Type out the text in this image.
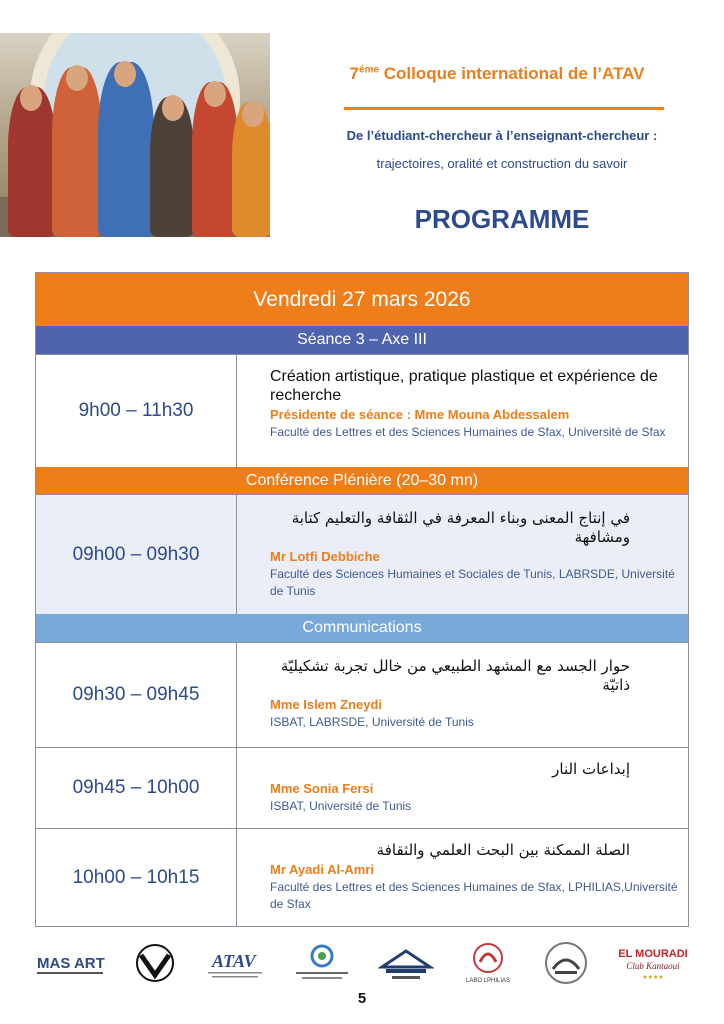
$7^{éme}$ Colloque international de l’ATAV
De l’étudiant-chercheur à l’enseignant-chercheur :
trajectoires, oralité et construction du savoir
PROGRAMME
Vendredi 27 mars 2026
Séance 3 – Axe III
9h00 – 11h30
Création artistique, pratique plastique et expérience de recherche
Présidente de séance : Mme Mouna Abdessalem
Faculté des Lettres et des Sciences Humaines de Sfax, Université de Sfax
Conférence Plénière (20–30 mn)
09h00 – 09h30
في إنتاج المعنى وبناء المعرفة في الثقافة والتعليم كتابة ومشافهة
Mr Lotfi Debbiche
Faculté des Sciences Humaines et Sociales de Tunis, LABRSDE, Université de Tunis
Communications
09h30 – 09h45
حوار الجسد مع المشهد الطبيعي من خالل تجربة تشكيليّة ذاتيّة
Mme Islem Zneydi
ISBAT, LABRSDE, Université de Tunis
09h45 – 10h00
إبداعات النار
Mme Sonia Fersi
ISBAT, Université de Tunis
10h00 – 10h15
الصلة الممكنة بين البحث العلمي والثقافة
Mr Ayadi Al-Amri
Faculté des Lettres et des Sciences Humaines de Sfax, LPHILIAS,Université de Sfax
MAS ART	ATAV
LABO LPHILIAS
EL MOURADI
Club Kantaoui
★★★★
5
